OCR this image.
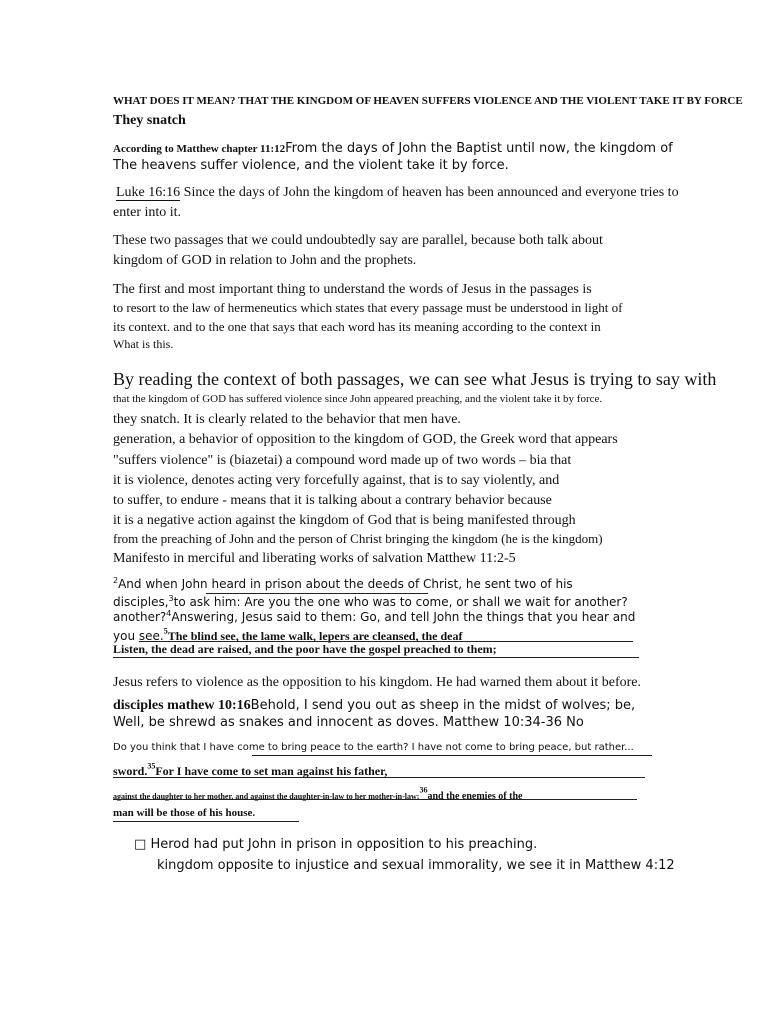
WHAT DOES IT MEAN? THAT THE KINGDOM OF HEAVEN SUFFERS VIOLENCE AND THE VIOLENT TAKE IT BY FORCE
They snatch
According to Matthew chapter 11:12From the days of John the Baptist until now, the kingdom of
The heavens suffer violence, and the violent take it by force.
Luke 16:16 Since the days of John the kingdom of heaven has been announced and everyone tries to
enter into it.
These two passages that we could undoubtedly say are parallel, because both talk about
kingdom of GOD in relation to John and the prophets.
The first and most important thing to understand the words of Jesus in the passages is
to resort to the law of hermeneutics which states that every passage must be understood in light of
its context. and to the one that says that each word has its meaning according to the context in
What is this.
By reading the context of both passages, we can see what Jesus is trying to say with
that the kingdom of GOD has suffered violence since John appeared preaching, and the violent take it by force.
they snatch. It is clearly related to the behavior that men have.
generation, a behavior of opposition to the kingdom of GOD, the Greek word that appears
"suffers violence" is (biazetai) a compound word made up of two words – bia that
it is violence, denotes acting very forcefully against, that is to say violently, and
to suffer, to endure - means that it is talking about a contrary behavior because
it is a negative action against the kingdom of God that is being manifested through
from the preaching of John and the person of Christ bringing the kingdom (he is the kingdom)
Manifesto in merciful and liberating works of salvation Matthew 11:2-5
$^2$And when John heard in prison about the deeds of Christ, he sent two of his
disciples,$^3$to ask him: Are you the one who was to come, or shall we wait for another?
another?$^4$Answering, Jesus said to them: Go, and tell John the things that you hear and
you see.$^5$The blind see, the lame walk, lepers are cleansed, the deaf
Listen, the dead are raised, and the poor have the gospel preached to them;
Jesus refers to violence as the opposition to his kingdom. He had warned them about it before.
disciples mathew 10:16Behold, I send you out as sheep in the midst of wolves; be,
Well, be shrewd as snakes and innocent as doves. Matthew 10:34-36 No
Do you think that I have come to bring peace to the earth? I have not come to bring peace, but rather...
sword.$^{35}$For I have come to set man against his father,
against the daughter to her mother, and against the daughter-in-law to her mother-in-law;$^{36}$and the enemies of the
man will be those of his house.
□ Herod had put John in prison in opposition to his preaching.
kingdom opposite to injustice and sexual immorality, we see it in Matthew 4:12
